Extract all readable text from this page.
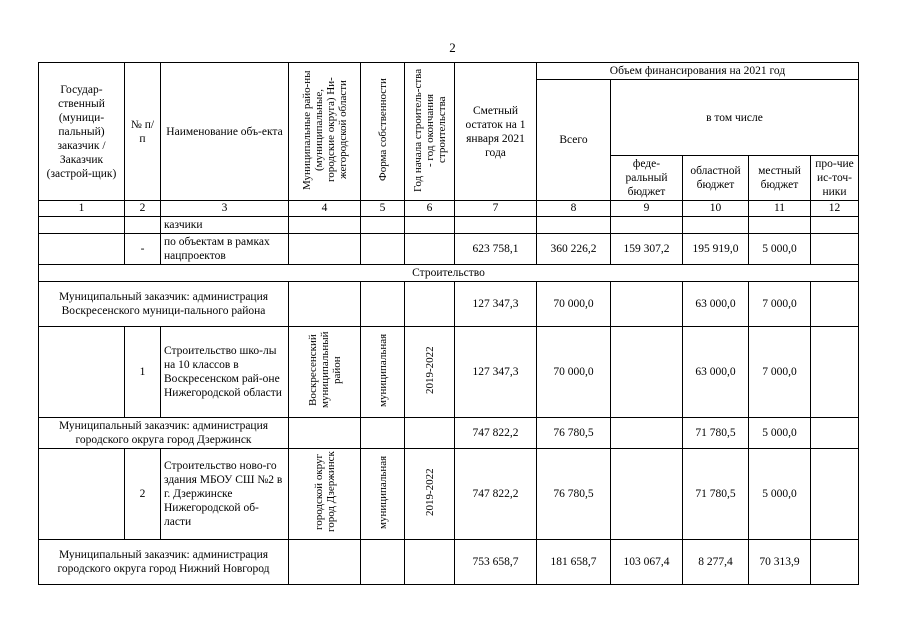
2
Государ-ственный (муници-пальный) заказчик / Заказчик (застрой-щик)	№ п/п	Наименование объ-екта	Муниципальные райо-ны (муниципальные, городские округа) Ни-жегородской области	Форма собственности	Год начала строитель-ства - год окончания строительства	Сметный остаток на 1 января 2021 года	Объем финансирования на 2021 год				
							Всего	в том числе			
								феде-ральный бюджет	областной бюджет	местный бюджет	про-чие ис-точ-ники
1	2	3	4	5	6	7	8	9	10	11	12
		казчики									
	-	по объектам в рамках нацпроектов				623 758,1	360 226,2	159 307,2	195 919,0	5 000,0	
Строительство											
Муниципальный заказчик: администрация Воскресенского муници-пального района						127 347,3	70 000,0		63 000,0	7 000,0	
	1	Строительство шко-лы на 10 классов в Воскресенском рай-оне Нижегородской области	Воскресенский муниципальный район	муниципальная	2019-2022	127 347,3	70 000,0		63 000,0	7 000,0	
Муниципальный заказчик: администрация городского округа город Дзержинск						747 822,2	76 780,5		71 780,5	5 000,0	
	2	Строительство ново-го здания МБОУ СШ №2 в г. Дзержинске Нижегородской об-ласти	городской округ город Дзержинск	муниципальная	2019-2022	747 822,2	76 780,5		71 780,5	5 000,0	
Муниципальный заказчик: администрация городского округа город Нижний Новгород						753 658,7	181 658,7	103 067,4	8 277,4	70 313,9	
